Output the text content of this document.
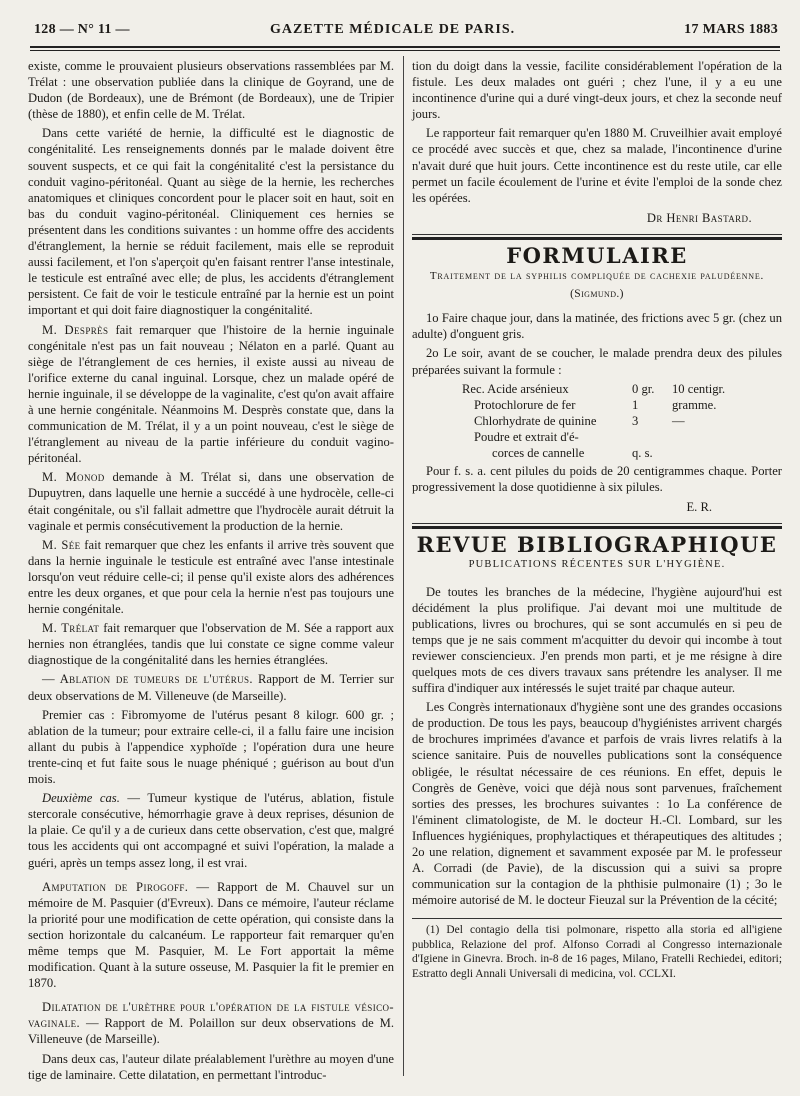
128 — N° 11 —	GAZETTE MÉDICALE DE PARIS.	17 MARS 1883

existe, comme le prouvaient plusieurs observations rassemblées par M. Trélat : une observation publiée dans la clinique de Goyrand, une de Dudon (de Bordeaux), une de Brémont (de Bordeaux), une de Tripier (thèse de 1880), et enfin celle de M. Trélat.

Dans cette variété de hernie, la difficulté est le diagnostic de congénitalité. Les renseignements donnés par le malade doivent être souvent suspects, et ce qui fait la congénitalité c'est la persistance du conduit vagino-péritonéal. Quant au siège de la hernie, les recherches anatomiques et cliniques concordent pour le placer soit en haut, soit en bas du conduit vagino-péritonéal. Cliniquement ces hernies se présentent dans les conditions suivantes : un homme offre des accidents d'étranglement, la hernie se réduit facilement, mais elle se reproduit aussi facilement, et l'on s'aperçoit qu'en faisant rentrer l'anse intestinale, le testicule est entraîné avec elle; de plus, les accidents d'étranglement persistent. Ce fait de voir le testicule entraîné par la hernie est un point important et qui doit faire diagnostiquer la congénitalité.

M. Desprès fait remarquer que l'histoire de la hernie inguinale congénitale n'est pas un fait nouveau ; Nélaton en a parlé. Quant au siège de l'étranglement de ces hernies, il existe aussi au niveau de l'orifice externe du canal inguinal. Lorsque, chez un malade opéré de hernie inguinale, il se développe de la vaginalite, c'est qu'on avait affaire à une hernie congénitale. Néanmoins M. Desprès constate que, dans la communication de M. Trélat, il y a un point nouveau, c'est le siège de l'étranglement au niveau de la partie inférieure du conduit vagino-péritonéal.

M. Monod demande à M. Trélat si, dans une observation de Dupuytren, dans laquelle une hernie a succédé à une hydrocèle, celle-ci était congénitale, ou s'il fallait admettre que l'hydrocèle aurait détruit la vaginale et permis consécutivement la production de la hernie.

M. Sée fait remarquer que chez les enfants il arrive très souvent que dans la hernie inguinale le testicule est entraîné avec l'anse intestinale lorsqu'on veut réduire celle-ci; il pense qu'il existe alors des adhérences entre les deux organes, et que pour cela la hernie n'est pas toujours une hernie congénitale.

M. Trélat fait remarquer que l'observation de M. Sée a rapport aux hernies non étranglées, tandis que lui constate ce signe comme valeur diagnostique de la congénitalité dans les hernies étranglées.

— Ablation de tumeurs de l'utérus. Rapport de M. Terrier sur deux observations de M. Villeneuve (de Marseille).

Premier cas : Fibromyome de l'utérus pesant 8 kilogr. 600 gr. ; ablation de la tumeur; pour extraire celle-ci, il a fallu faire une incision allant du pubis à l'appendice xyphoïde ; l'opération dura une heure trente-cinq et fut faite sous le nuage phéniqué ; guérison au bout d'un mois.

Deuxième cas. — Tumeur kystique de l'utérus, ablation, fistule stercorale consécutive, hémorrhagie grave à deux reprises, désunion de la plaie. Ce qu'il y a de curieux dans cette observation, c'est que, malgré tous les accidents qui ont accompagné et suivi l'opération, la malade a guéri, après un temps assez long, il est vrai.

Amputation de Pirogoff. — Rapport de M. Chauvel sur un mémoire de M. Pasquier (d'Evreux). Dans ce mémoire, l'auteur réclame la priorité pour une modification de cette opération, qui consiste dans la section horizontale du calcanéum. Le rapporteur fait remarquer qu'en même temps que M. Pasquier, M. Le Fort apportait la même modification. Quant à la suture osseuse, M. Pasquier la fit le premier en 1870.

Dilatation de l'urèthre pour l'opération de la fistule vésico-vaginale. — Rapport de M. Polaillon sur deux observations de M. Villeneuve (de Marseille).

Dans deux cas, l'auteur dilate préalablement l'urèthre au moyen d'une tige de laminaire. Cette dilatation, en permettant l'introduc-

tion du doigt dans la vessie, facilite considérablement l'opération de la fistule. Les deux malades ont guéri ; chez l'une, il y a eu une incontinence d'urine qui a duré vingt-deux jours, et chez la seconde neuf jours.

Le rapporteur fait remarquer qu'en 1880 M. Cruveilhier avait employé ce procédé avec succès et que, chez sa malade, l'incontinence d'urine n'avait duré que huit jours. Cette incontinence est du reste utile, car elle permet un facile écoulement de l'urine et évite l'emploi de la sonde chez les opérées.

Dr Henri Bastard.

FORMULAIRE
Traitement de la syphilis compliquée de cachexie paludéenne.
(Sigmund.)

1o Faire chaque jour, dans la matinée, des frictions avec 5 gr. (chez un adulte) d'onguent gris.

2o Le soir, avant de se coucher, le malade prendra deux des pilules préparées suivant la formule :

Rec. Acide arsénieux	0 gr.	10 centigr.
Protochlorure de fer	1	gramme.
Chlorhydrate de quinine	3	—
Poudre et extrait d'é-
corces de cannelle	q. s.

Pour f. s. a. cent pilules du poids de 20 centigrammes chaque. Porter progressivement la dose quotidienne à six pilules.

E. R.

REVUE BIBLIOGRAPHIQUE
PUBLICATIONS RÉCENTES SUR L'HYGIÈNE.

De toutes les branches de la médecine, l'hygiène aujourd'hui est décidément la plus prolifique. J'ai devant moi une multitude de publications, livres ou brochures, qui se sont accumulés en si peu de temps que je ne sais comment m'acquitter du devoir qui incombe à tout reviewer consciencieux. J'en prends mon parti, et je me résigne à dire quelques mots de ces divers travaux sans prétendre les analyser. Il me suffira d'indiquer aux intéressés le sujet traité par chaque auteur.

Les Congrès internationaux d'hygiène sont une des grandes occasions de production. De tous les pays, beaucoup d'hygiénistes arrivent chargés de brochures imprimées d'avance et parfois de vrais livres relatifs à la science sanitaire. Puis de nouvelles publications sont la conséquence obligée, le résultat nécessaire de ces réunions. En effet, depuis le Congrès de Genève, voici que déjà nous sont parvenues, fraîchement sorties des presses, les brochures suivantes : 1o La conférence de l'éminent climatologiste, de M. le docteur H.-Cl. Lombard, sur les Influences hygiéniques, prophylactiques et thérapeutiques des altitudes ; 2o une relation, dignement et savamment exposée par M. le professeur A. Corradi (de Pavie), de la discussion qui a suivi sa propre communication sur la contagion de la phthisie pulmonaire (1) ; 3o le mémoire autorisé de M. le docteur Fieuzal sur la Prévention de la cécité;

(1) Del contagio della tisi polmonare, rispetto alla storia ed all'igiene pubblica, Relazione del prof. Alfonso Corradi al Congresso internazionale d'Igiene in Ginevra. Broch. in-8 de 16 pages, Milano, Fratelli Rechiedei, editori; Estratto degli Annali Universali di medicina, vol. CCLXI.
